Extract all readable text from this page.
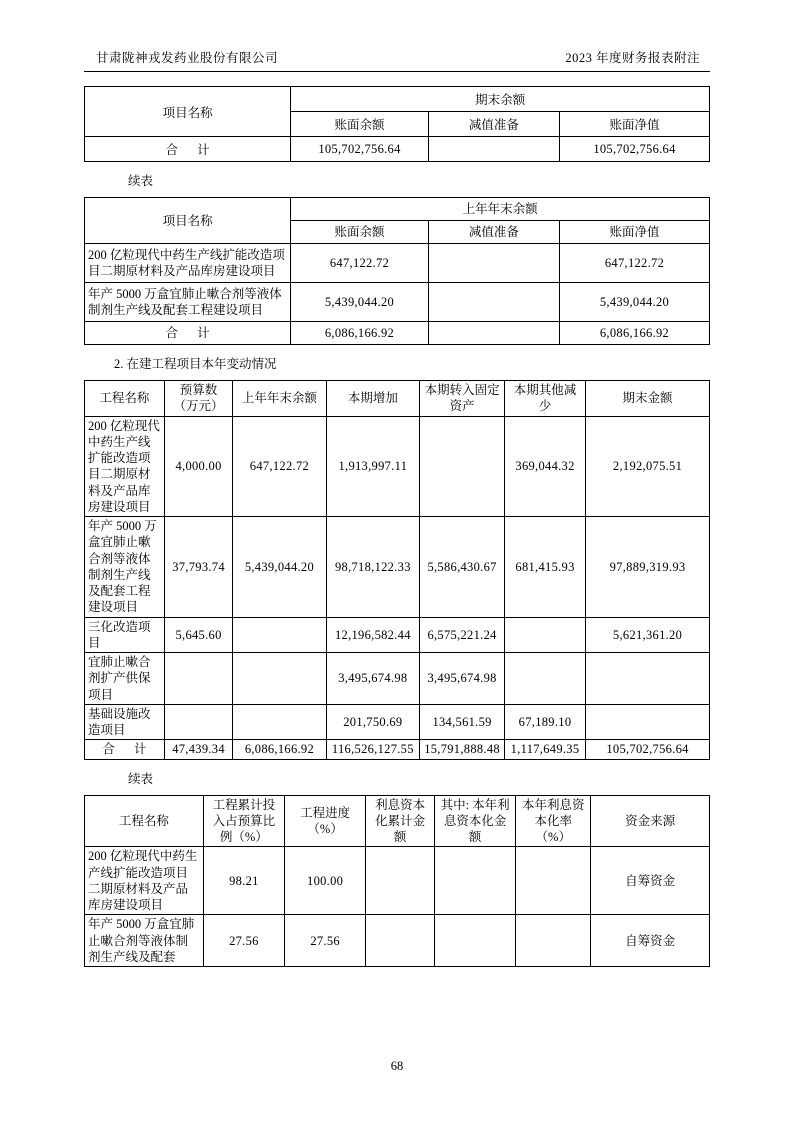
甘肃陇神戎发药业股份有限公司	2023 年度财务报表附注
项目名称	期末余额		
	账面余额	减值准备	账面净值
合 计	105,702,756.64		105,702,756.64
续表
项目名称	上年年末余额		
	账面余额	减值准备	账面净值
200 亿粒现代中药生产线扩能改造项目二期原材料及产品库房建设项目	647,122.72		647,122.72
年产 5000 万盒宜肺止嗽合剂等液体制剂生产线及配套工程建设项目	5,439,044.20		5,439,044.20
合 计	6,086,166.92		6,086,166.92
2. 在建工程项目本年变动情况
工程名称	预算数（万元）	上年年末余额	本期增加	本期转入固定资产	本期其他减少	期末金额
200 亿粒现代中药生产线扩能改造项目二期原材料及产品库房建设项目	4,000.00	647,122.72	1,913,997.11		369,044.32	2,192,075.51
年产 5000 万盒宜肺止嗽合剂等液体制剂生产线及配套工程建设项目	37,793.74	5,439,044.20	98,718,122.33	5,586,430.67	681,415.93	97,889,319.93
三化改造项目	5,645.60		12,196,582.44	6,575,221.24		5,621,361.20
宜肺止嗽合剂扩产供保项目			3,495,674.98	3,495,674.98		
基础设施改造项目			201,750.69	134,561.59	67,189.10	
合 计	47,439.34	6,086,166.92	116,526,127.55	15,791,888.48	1,117,649.35	105,702,756.64
续表
工程名称	工程累计投入占预算比例（%）	工程进度（%）	利息资本化累计金额	其中: 本年利息资本化金额	本年利息资本化率（%）	资金来源
200 亿粒现代中药生产线扩能改造项目二期原材料及产品库房建设项目	98.21	100.00				自筹资金
年产 5000 万盒宜肺止嗽合剂等液体制剂生产线及配套	27.56	27.56				自筹资金
68
